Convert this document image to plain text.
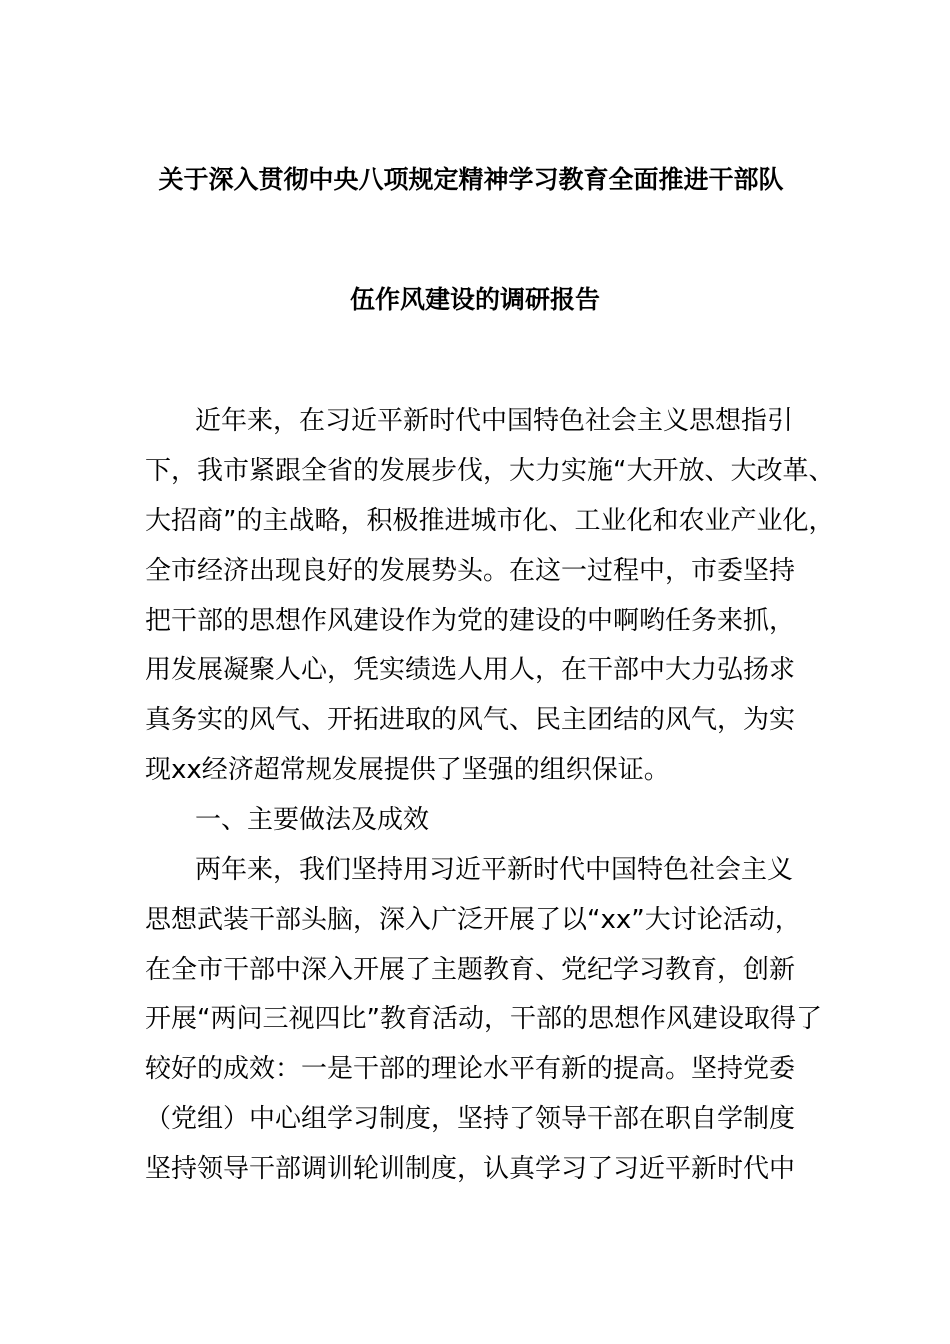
关于深入贯彻中央八项规定精神学习教育全面推进干部队
伍作风建设的调研报告
近年来，在习近平新时代中国特色社会主义思想指引
下，我市紧跟全省的发展步伐，大力实施“大开放、大改革、
大招商”的主战略，积极推进城市化、工业化和农业产业化，
全市经济出现良好的发展势头。在这一过程中，市委坚持
把干部的思想作风建设作为党的建设的中啊哟任务来抓，
用发展凝聚人心，凭实绩选人用人，在干部中大力弘扬求
真务实的风气、开拓进取的风气、民主团结的风气，为实
现xx经济超常规发展提供了坚强的组织保证。
一、主要做法及成效
两年来，我们坚持用习近平新时代中国特色社会主义
思想武装干部头脑，深入广泛开展了以“xx”大讨论活动，
在全市干部中深入开展了主题教育、党纪学习教育，创新
开展“两问三视四比”教育活动，干部的思想作风建设取得了
较好的成效：一是干部的理论水平有新的提高。坚持党委
（党组）中心组学习制度，坚持了领导干部在职自学制度
坚持领导干部调训轮训制度，认真学习了习近平新时代中
